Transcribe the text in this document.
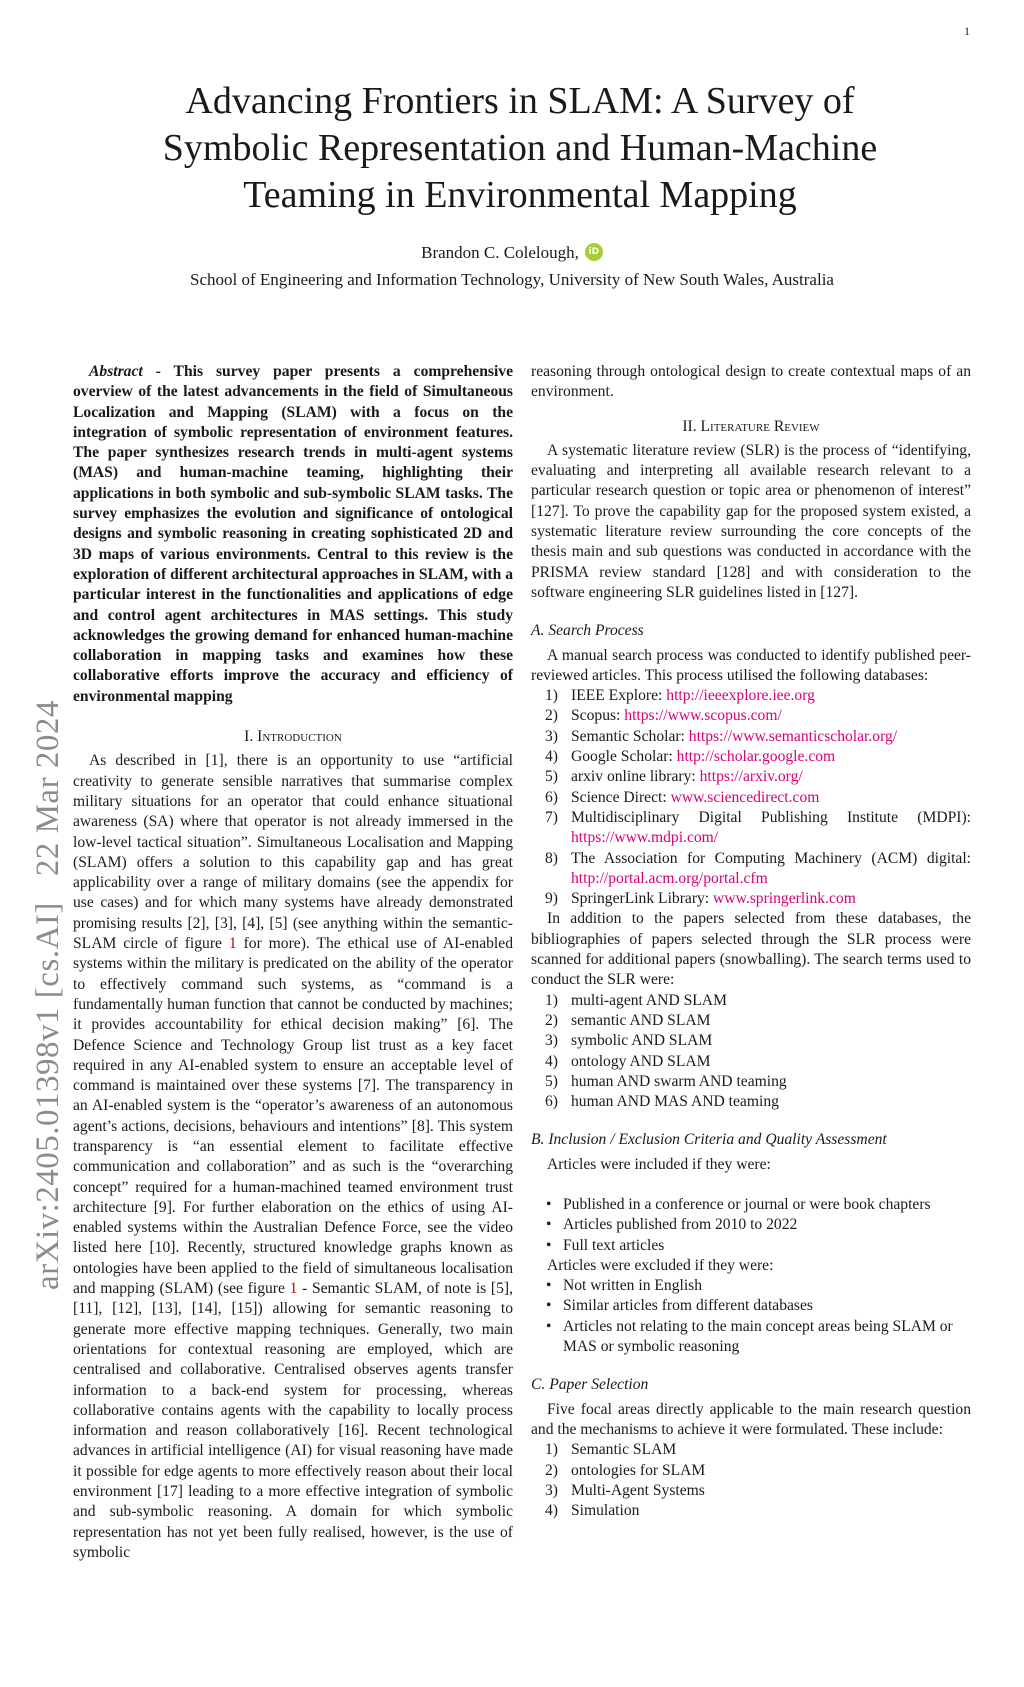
1
arXiv:2405.01398v1 [cs.AI]22 Mar 2024
Advancing Frontiers in SLAM: A Survey of
Symbolic Representation and Human-Machine
Teaming in Environmental Mapping
Brandon C. Colelough, iD
School of Engineering and Information Technology, University of New South Wales, Australia

Abstract - This survey paper presents a comprehensive overview of the latest advancements in the field of Simultaneous Localization and Mapping (SLAM) with a focus on the integration of symbolic representation of environment features. The paper synthesizes research trends in multi-agent systems (MAS) and human-machine teaming, highlighting their applications in both symbolic and sub-symbolic SLAM tasks. The survey emphasizes the evolution and significance of ontological designs and symbolic reasoning in creating sophisticated 2D and 3D maps of various environments. Central to this review is the exploration of different architectural approaches in SLAM, with a particular interest in the functionalities and applications of edge and control agent architectures in MAS settings. This study acknowledges the growing demand for enhanced human-machine collaboration in mapping tasks and examines how these collaborative efforts improve the accuracy and efficiency of environmental mapping

I. Introduction

As described in [1], there is an opportunity to use “artificial creativity to generate sensible narratives that summarise complex military situations for an operator that could enhance situational awareness (SA) where that operator is not already immersed in the low-level tactical situation”. Simultaneous Localisation and Mapping (SLAM) offers a solution to this capability gap and has great applicability over a range of military domains (see the appendix for use cases) and for which many systems have already demonstrated promising results [2], [3], [4], [5] (see anything within the semantic-SLAM circle of figure 1 for more). The ethical use of AI-enabled systems within the military is predicated on the ability of the operator to effectively command such systems, as “command is a fundamentally human function that cannot be conducted by machines; it provides accountability for ethical decision making” [6]. The Defence Science and Technology Group list trust as a key facet required in any AI-enabled system to ensure an acceptable level of command is maintained over these systems [7]. The transparency in an AI-enabled system is the “operator’s awareness of an autonomous agent’s actions, decisions, behaviours and intentions” [8]. This system transparency is “an essential element to facilitate effective communication and collaboration” and as such is the “overarching concept” required for a human-machined teamed environment trust architecture [9]. For further elaboration on the ethics of using AI-enabled systems within the Australian Defence Force, see the video listed here [10]. Recently, structured knowledge graphs known as ontologies have been applied to the field of simultaneous localisation and mapping (SLAM) (see figure 1 - Semantic SLAM, of note is [5], [11], [12], [13], [14], [15]) allowing for semantic reasoning to generate more effective mapping techniques. Generally, two main orientations for contextual reasoning are employed, which are centralised and collaborative. Centralised observes agents transfer information to a back-end system for processing, whereas collaborative contains agents with the capability to locally process information and reason collaboratively [16]. Recent technological advances in artificial intelligence (AI) for visual reasoning have made it possible for edge agents to more effectively reason about their local environment [17] leading to a more effective integration of symbolic and sub-symbolic reasoning. A domain for which symbolic representation has not yet been fully realised, however, is the use of symbolic

reasoning through ontological design to create contextual maps of an environment.

II. Literature Review

A systematic literature review (SLR) is the process of “identifying, evaluating and interpreting all available research relevant to a particular research question or topic area or phenomenon of interest” [127]. To prove the capability gap for the proposed system existed, a systematic literature review surrounding the core concepts of the thesis main and sub questions was conducted in accordance with the PRISMA review standard [128] and with consideration to the software engineering SLR guidelines listed in [127].

A. Search Process

A manual search process was conducted to identify published peer-reviewed articles. This process utilised the following databases:

1) IEEE Explore: http://ieeexplore.iee.org
2) Scopus: https://www.scopus.com/
3) Semantic Scholar: https://www.semanticscholar.org/
4) Google Scholar: http://scholar.google.com
5) arxiv online library: https://arxiv.org/
6) Science Direct: www.sciencedirect.com
7) Multidisciplinary Digital Publishing Institute (MDPI): https://www.mdpi.com/
8) The Association for Computing Machinery (ACM) digital: http://portal.acm.org/portal.cfm
9) SpringerLink Library: www.springerlink.com

In addition to the papers selected from these databases, the bibliographies of papers selected through the SLR process were scanned for additional papers (snowballing). The search terms used to conduct the SLR were:

1) multi-agent AND SLAM
2) semantic AND SLAM
3) symbolic AND SLAM
4) ontology AND SLAM
5) human AND swarm AND teaming
6) human AND MAS AND teaming
B. Inclusion / Exclusion Criteria and Quality Assessment

Articles were included if they were:

• Published in a conference or journal or were book chapters
• Articles published from 2010 to 2022
• Full text articles

Articles were excluded if they were:

• Not written in English
• Similar articles from different databases
• Articles not relating to the main concept areas being SLAM or MAS or symbolic reasoning
C. Paper Selection

Five focal areas directly applicable to the main research question and the mechanisms to achieve it were formulated. These include:

1) Semantic SLAM
2) ontologies for SLAM
3) Multi-Agent Systems
4) Simulation
